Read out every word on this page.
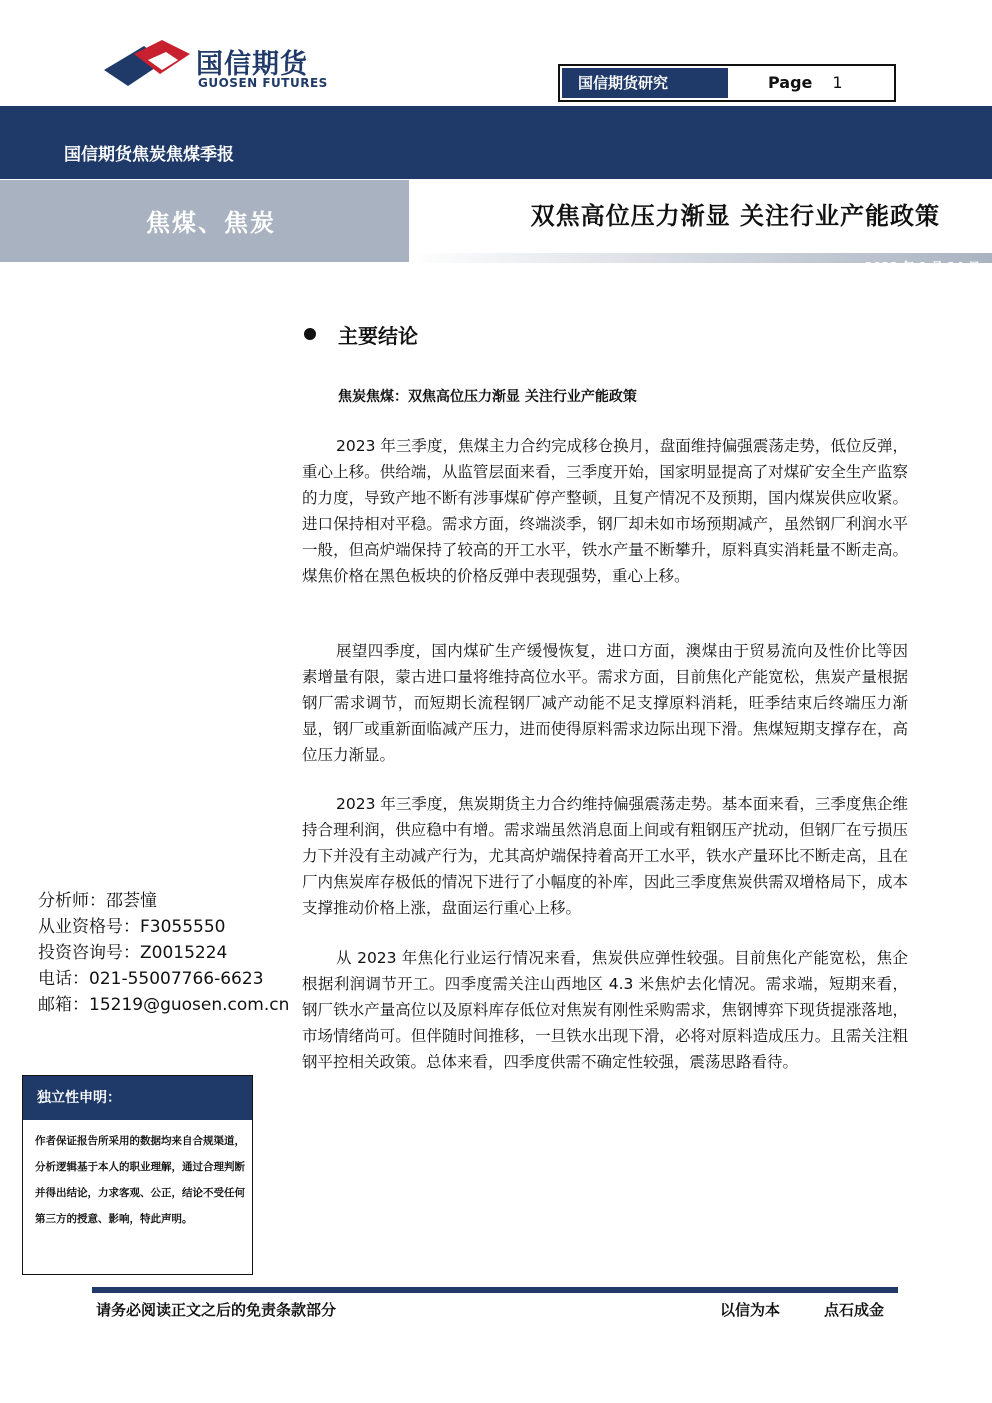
国信期货
GUOSEN FUTURES	国信期货研究	Page 1
国信期货焦炭焦煤季报
焦煤、焦炭	双焦高位压力渐显 关注行业产能政策
2023 年 9 月 24 日
主要结论
焦炭焦煤：双焦高位压力渐显 关注行业产能政策
2023 年三季度，焦煤主力合约完成移仓换月，盘面维持偏强震荡走势，低位反弹，重心上移。供给端，从监管层面来看，三季度开始，国家明显提高了对煤矿安全生产监察的力度，导致产地不断有涉事煤矿停产整顿，且复产情况不及预期，国内煤炭供应收紧。进口保持相对平稳。需求方面，终端淡季，钢厂却未如市场预期减产，虽然钢厂利润水平一般，但高炉端保持了较高的开工水平，铁水产量不断攀升，原料真实消耗量不断走高。煤焦价格在黑色板块的价格反弹中表现强势，重心上移。
展望四季度，国内煤矿生产缓慢恢复，进口方面，澳煤由于贸易流向及性价比等因素增量有限，蒙古进口量将维持高位水平。需求方面，目前焦化产能宽松，焦炭产量根据钢厂需求调节，而短期长流程钢厂减产动能不足支撑原料消耗，旺季结束后终端压力渐显，钢厂或重新面临减产压力，进而使得原料需求边际出现下滑。焦煤短期支撑存在，高位压力渐显。
2023 年三季度，焦炭期货主力合约维持偏强震荡走势。基本面来看，三季度焦企维持合理利润，供应稳中有增。需求端虽然消息面上间或有粗钢压产扰动，但钢厂在亏损压力下并没有主动减产行为，尤其高炉端保持着高开工水平，铁水产量环比不断走高，且在厂内焦炭库存极低的情况下进行了小幅度的补库，因此三季度焦炭供需双增格局下，成本支撑推动价格上涨，盘面运行重心上移。
从 2023 年焦化行业运行情况来看，焦炭供应弹性较强。目前焦化产能宽松，焦企根据利润调节开工。四季度需关注山西地区 4.3 米焦炉去化情况。需求端，短期来看，钢厂铁水产量高位以及原料库存低位对焦炭有刚性采购需求，焦钢博弈下现货提涨落地，市场情绪尚可。但伴随时间推移，一旦铁水出现下滑，必将对原料造成压力。且需关注粗钢平控相关政策。总体来看，四季度供需不确定性较强，震荡思路看待。
分析师：邵荟憧
从业资格号：F3055550
投资咨询号：Z0015224
电话：021-55007766-6623
邮箱：15219@guosen.com.cn
独立性申明：
作者保证报告所采用的数据均来自合规渠道，分析逻辑基于本人的职业理解，通过合理判断 并得出结论，力求客观、公正，结论不受任何第三方的授意、影响，特此声明。
请务必阅读正文之后的免责条款部分	以信为本	点石成金
